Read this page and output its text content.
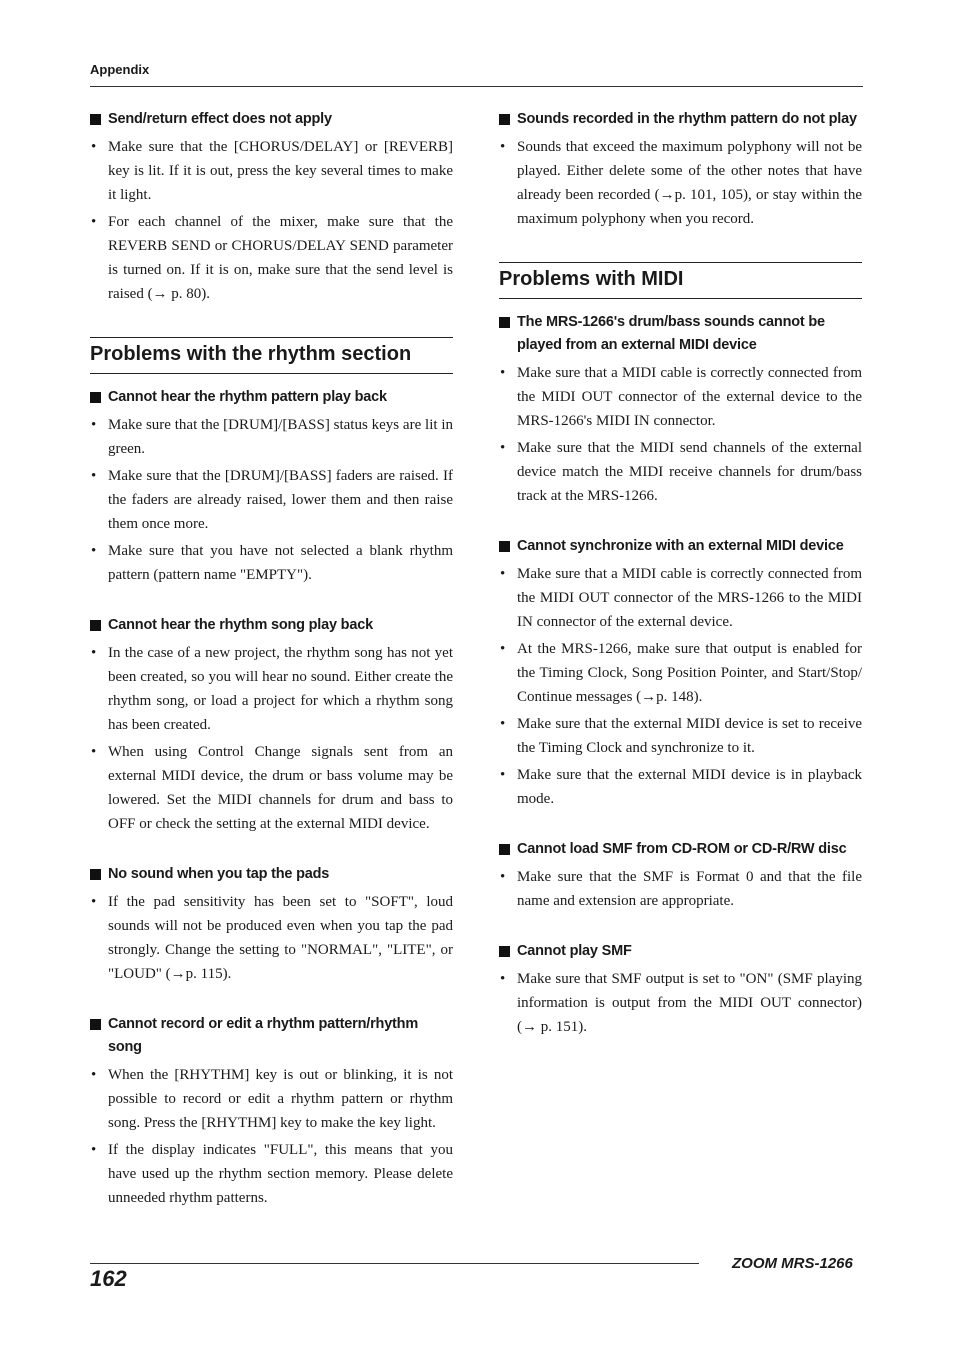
Appendix
Send/return effect does not apply
• Make sure that the [CHORUS/DELAY] or [REVERB] key is lit. If it is out, press the key several times to make it light.
• For each channel of the mixer, make sure that the REVERB SEND or CHORUS/DELAY SEND parameter is turned on. If it is on, make sure that the send level is raised (→ p. 80).
Problems with the rhythm section
Cannot hear the rhythm pattern play back
• Make sure that the [DRUM]/[BASS] status keys are lit in green.
• Make sure that the [DRUM]/[BASS] faders are raised. If the faders are already raised, lower them and then raise them once more.
• Make sure that you have not selected a blank rhythm pattern (pattern name "EMPTY").
Cannot hear the rhythm song play back
• In the case of a new project, the rhythm song has not yet been created, so you will hear no sound. Either create the rhythm song, or load a project for which a rhythm song has been created.
• When using Control Change signals sent from an external MIDI device, the drum or bass volume may be lowered. Set the MIDI channels for drum and bass to OFF or check the setting at the external MIDI device.
No sound when you tap the pads
• If the pad sensitivity has been set to "SOFT", loud sounds will not be produced even when you tap the pad strongly. Change the setting to "NORMAL", "LITE", or "LOUD" (→p. 115).
Cannot record or edit a rhythm pattern/rhythm song
• When the [RHYTHM] key is out or blinking, it is not possible to record or edit a rhythm pattern or rhythm song. Press the [RHYTHM] key to make the key light.
• If the display indicates "FULL", this means that you have used up the rhythm section memory. Please delete unneeded rhythm patterns.
Sounds recorded in the rhythm pattern do not play
• Sounds that exceed the maximum polyphony will not be played. Either delete some of the other notes that have already been recorded (→p. 101, 105), or stay within the maximum polyphony when you record.
Problems with MIDI
The MRS-1266's drum/bass sounds cannot be played from an external MIDI device
• Make sure that a MIDI cable is correctly connected from the MIDI OUT connector of the external device to the MRS-1266's MIDI IN connector.
• Make sure that the MIDI send channels of the external device match the MIDI receive channels for drum/bass track at the MRS-1266.
Cannot synchronize with an external MIDI device
• Make sure that a MIDI cable is correctly connected from the MIDI OUT connector of the MRS-1266 to the MIDI IN connector of the external device.
• At the MRS-1266, make sure that output is enabled for the Timing Clock, Song Position Pointer, and Start/Stop/ Continue messages (→p. 148).
• Make sure that the external MIDI device is set to receive the Timing Clock and synchronize to it.
• Make sure that the external MIDI device is in playback mode.
Cannot load SMF from CD-ROM or CD-R/RW disc
• Make sure that the SMF is Format 0 and that the file name and extension are appropriate.
Cannot play SMF
• Make sure that SMF output is set to "ON" (SMF playing information is output from the MIDI OUT connector) (→ p. 151).
162
ZOOM MRS-1266
